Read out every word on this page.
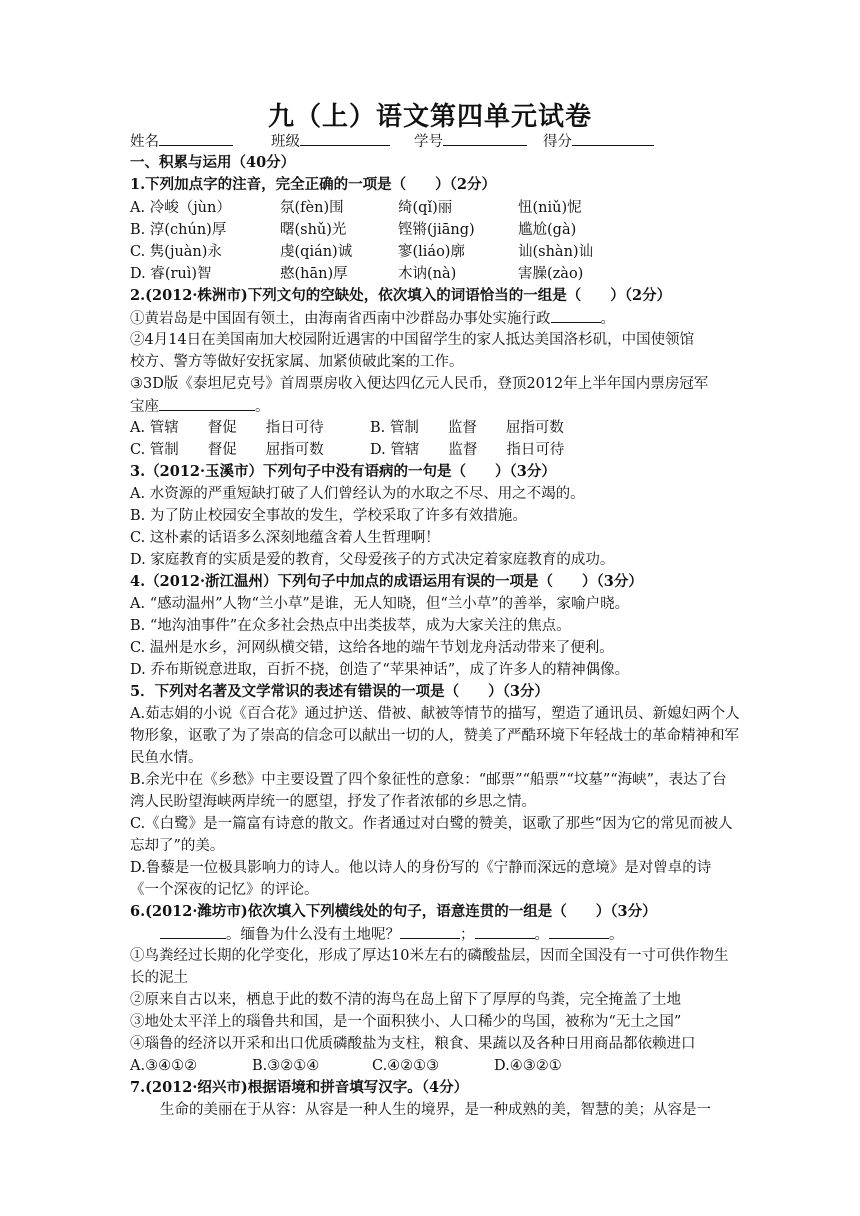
九（上）语文第四单元试卷
姓名	班级	学号	得分
一、积累与运用（40分）
1.下列加点字的注音，完全正确的一项是（　　）（2分）
A. 冷峻（jùn）	氛(fèn)围	绮(qǐ)丽	忸(niǔ)怩
B. 淳(chún)厚	曙(shǔ)光	铿锵(jiāng)	尴尬(gà)
C. 隽(juàn)永	虔(qián)诚	寥(liáo)廓	讪(shàn)讪
D. 睿(ruì)智	憨(hān)厚	木讷(nà)	害臊(zào)
2.(2012·株洲市)下列文句的空缺处，依次填入的词语恰当的一组是（　　）（2分）
①黄岩岛是中国固有领土，由海南省西南中沙群岛办事处实施行政	。
②4月14日在美国南加大校园附近遇害的中国留学生的家人抵达美国洛杉矶，中国使领馆
校方、警方等做好安抚家属、加紧侦破此案的工作。
③3D版《泰坦尼克号》首周票房收入便达四亿元人民币，登顶2012年上半年国内票房冠军
宝座	。
A. 管辖　　督促　　指日可待	B. 管制　　监督　　屈指可数
C. 管制　　督促　　屈指可数	D. 管辖　　监督　　指日可待
3.（2012·玉溪市）下列句子中没有语病的一句是（　　）（3分）
A. 水资源的严重短缺打破了人们曾经认为的水取之不尽、用之不竭的。
B. 为了防止校园安全事故的发生，学校采取了许多有效措施。
C. 这朴素的话语多么深刻地蕴含着人生哲理啊！
D. 家庭教育的实质是爱的教育，父母爱孩子的方式决定着家庭教育的成功。
4.（2012·浙江温州）下列句子中加点的成语运用有误的一项是（　　）（3分）
A. “感动温州”人物“兰小草”是谁，无人知晓，但“兰小草”的善举，家喻户晓。
B. “地沟油事件”在众多社会热点中出类拔萃，成为大家关注的焦点。
C. 温州是水乡，河网纵横交错，这给各地的端午节划龙舟活动带来了便利。
D. 乔布斯锐意进取，百折不挠，创造了“苹果神话”，成了许多人的精神偶像。
5．下列对名著及文学常识的表述有错误的一项是（　　）（3分）
A.茹志娟的小说《百合花》通过护送、借被、献被等情节的描写，塑造了通讯员、新媳妇两个人物形象，讴歌了为了崇高的信念可以献出一切的人，赞美了严酷环境下年轻战士的革命精神和军民鱼水情。
B.余光中在《乡愁》中主要设置了四个象征性的意象：“邮票”“船票”“坟墓”“海峡”，表达了台湾人民盼望海峡两岸统一的愿望，抒发了作者浓郁的乡思之情。
C.《白鹭》是一篇富有诗意的散文。作者通过对白鹭的赞美，讴歌了那些“因为它的常见而被人忘却了”的美。
D.鲁藜是一位极具影响力的诗人。他以诗人的身份写的《宁静而深远的意境》是对曾卓的诗《一个深夜的记忆》的评论。
6.(2012·潍坊市)依次填入下列横线处的句子，语意连贯的一组是（　　）（3分）
。缅鲁为什么没有土地呢？	；	。	。
①鸟粪经过长期的化学变化，形成了厚达10米左右的磷酸盐层，因而全国没有一寸可供作物生长的泥土
②原来自古以来，栖息于此的数不清的海鸟在岛上留下了厚厚的鸟粪，完全掩盖了土地
③地处太平洋上的瑙鲁共和国，是一个面积狭小、人口稀少的鸟国，被称为“无土之国”
④瑙鲁的经济以开采和出口优质磷酸盐为支柱，粮食、果蔬以及各种日用商品都依赖进口
A.③④①②	B.③②①④	C.④②①③	D.④③②①
7.(2012·绍兴市)根据语境和拼音填写汉字。（4分）
生命的美丽在于从容：从容是一种人生的境界，是一种成熟的美，智慧的美；从容是一
